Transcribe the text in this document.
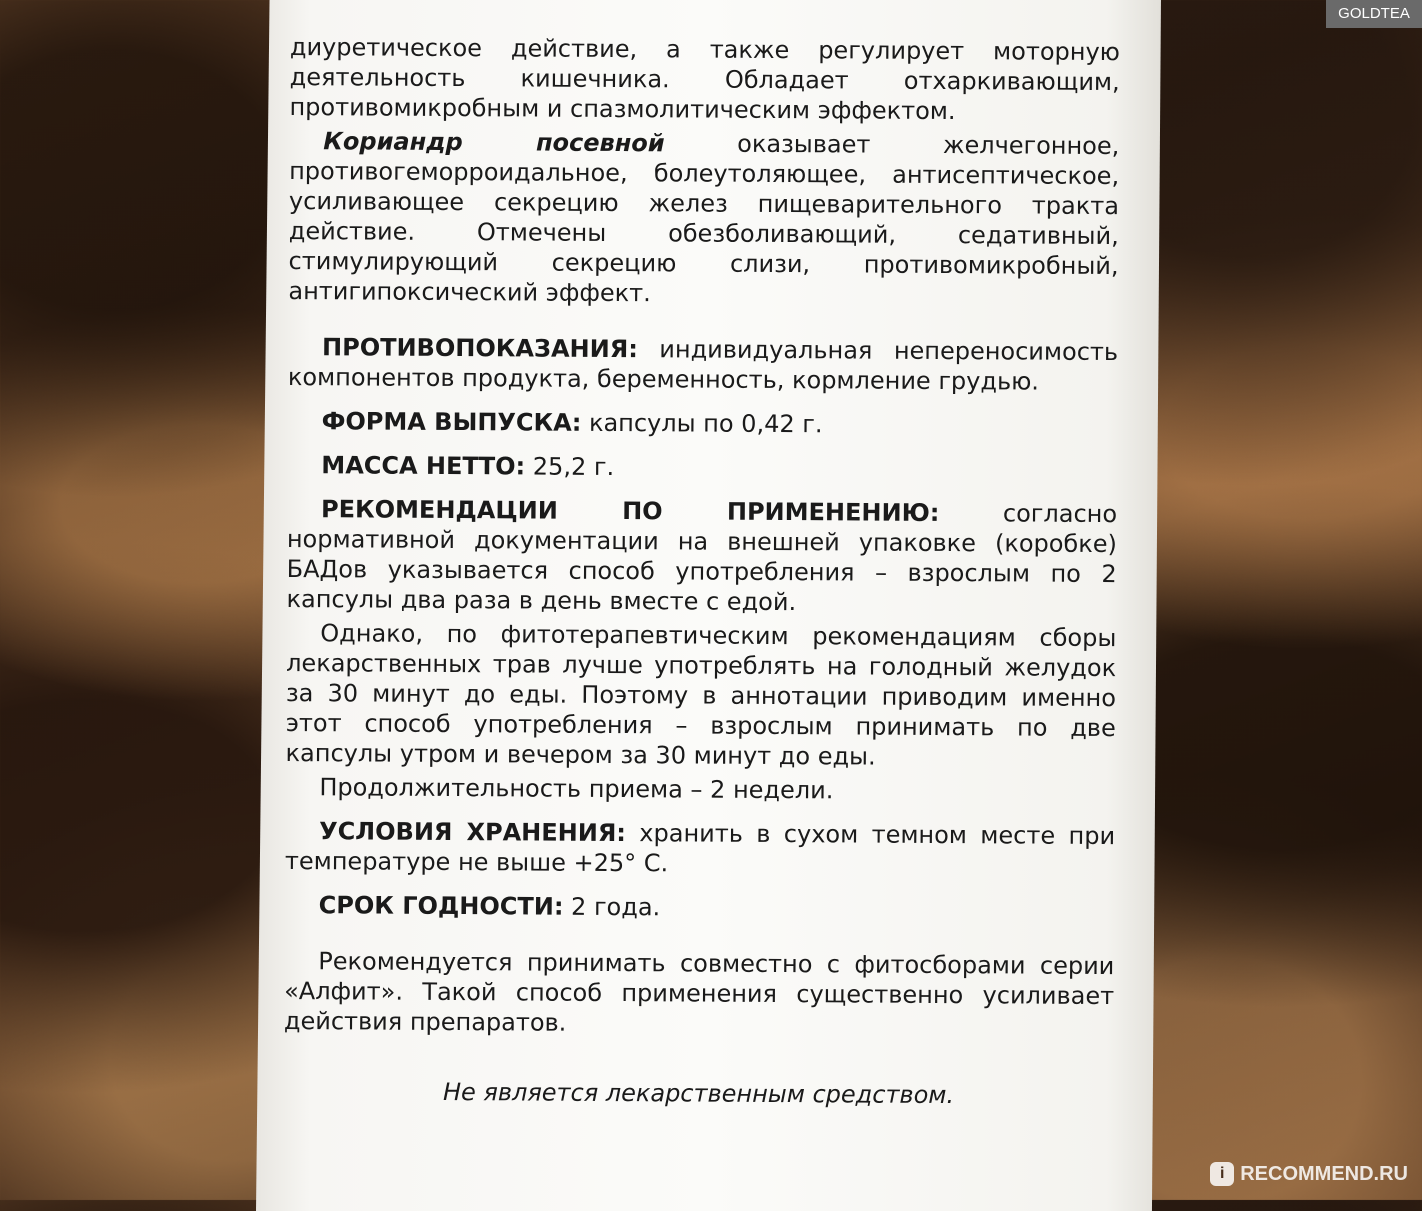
GOLDTEA

диуретическое действие, а также регулирует моторную деятельность кишечника. Обладает отхаркивающим, противомикробным и спазмолитическим эффектом.

Кориандр посевной оказывает желчегонное, противогеморроидальное, болеутоляющее, антисептическое, усиливающее секрецию желез пищеварительного тракта действие. Отмечены обезболивающий, седативный, стимулирующий секрецию слизи, противомикробный, антигипоксический эффект.

ПРОТИВОПОКАЗАНИЯ: индивидуальная непереносимость компонентов продукта, беременность, кормление грудью.

ФОРМА ВЫПУСКА: капсулы по 0,42 г.

МАССА НЕТТО: 25,2 г.

РЕКОМЕНДАЦИИ ПО ПРИМЕНЕНИЮ: согласно нормативной документации на внешней упаковке (коробке) БАДов указывается способ употребления – взрослым по 2 капсулы два раза в день вместе с едой.

Однако, по фитотерапевтическим рекомендациям сборы лекарственных трав лучше употреблять на голодный желудок за 30 минут до еды. Поэтому в аннотации приводим именно этот способ употребления – взрослым принимать по две капсулы утром и вечером за 30 минут до еды.

Продолжительность приема – 2 недели.

УСЛОВИЯ ХРАНЕНИЯ: хранить в сухом темном месте при температуре не выше +25° С.

СРОК ГОДНОСТИ: 2 года.

Рекомендуется принимать совместно с фитосборами серии «Алфит». Такой способ применения существенно усиливает действия препаратов.

Не является лекарственным средством.

i RECOMMEND.RU
